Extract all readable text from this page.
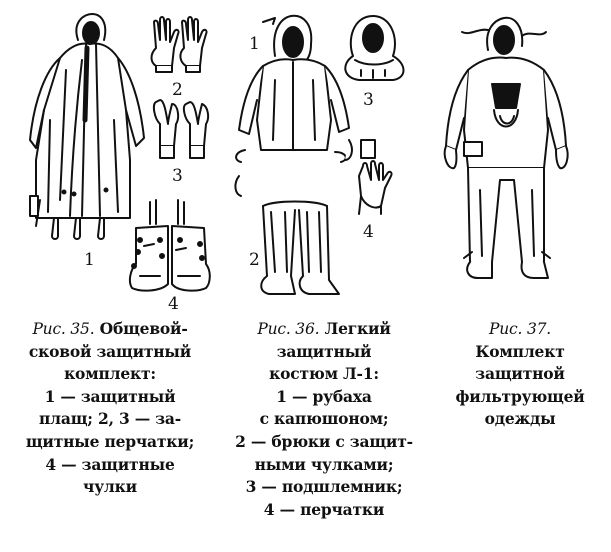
1
2
3
4
1
2
3
4
Рис. 35. Общевой-
сковой защитный
комплект:
1 — защитный
плащ; 2, 3 — за-
щитные перчатки;
4 — защитные
чулки
Рис. 36. Легкий
защитный
костюм Л-1:
1 — рубаха
с капюшоном;
2 — брюки с защит-
ными чулками;
3 — подшлемник;
4 — перчатки
Рис. 37.
Комплект
защитной
фильтрующей
одежды
